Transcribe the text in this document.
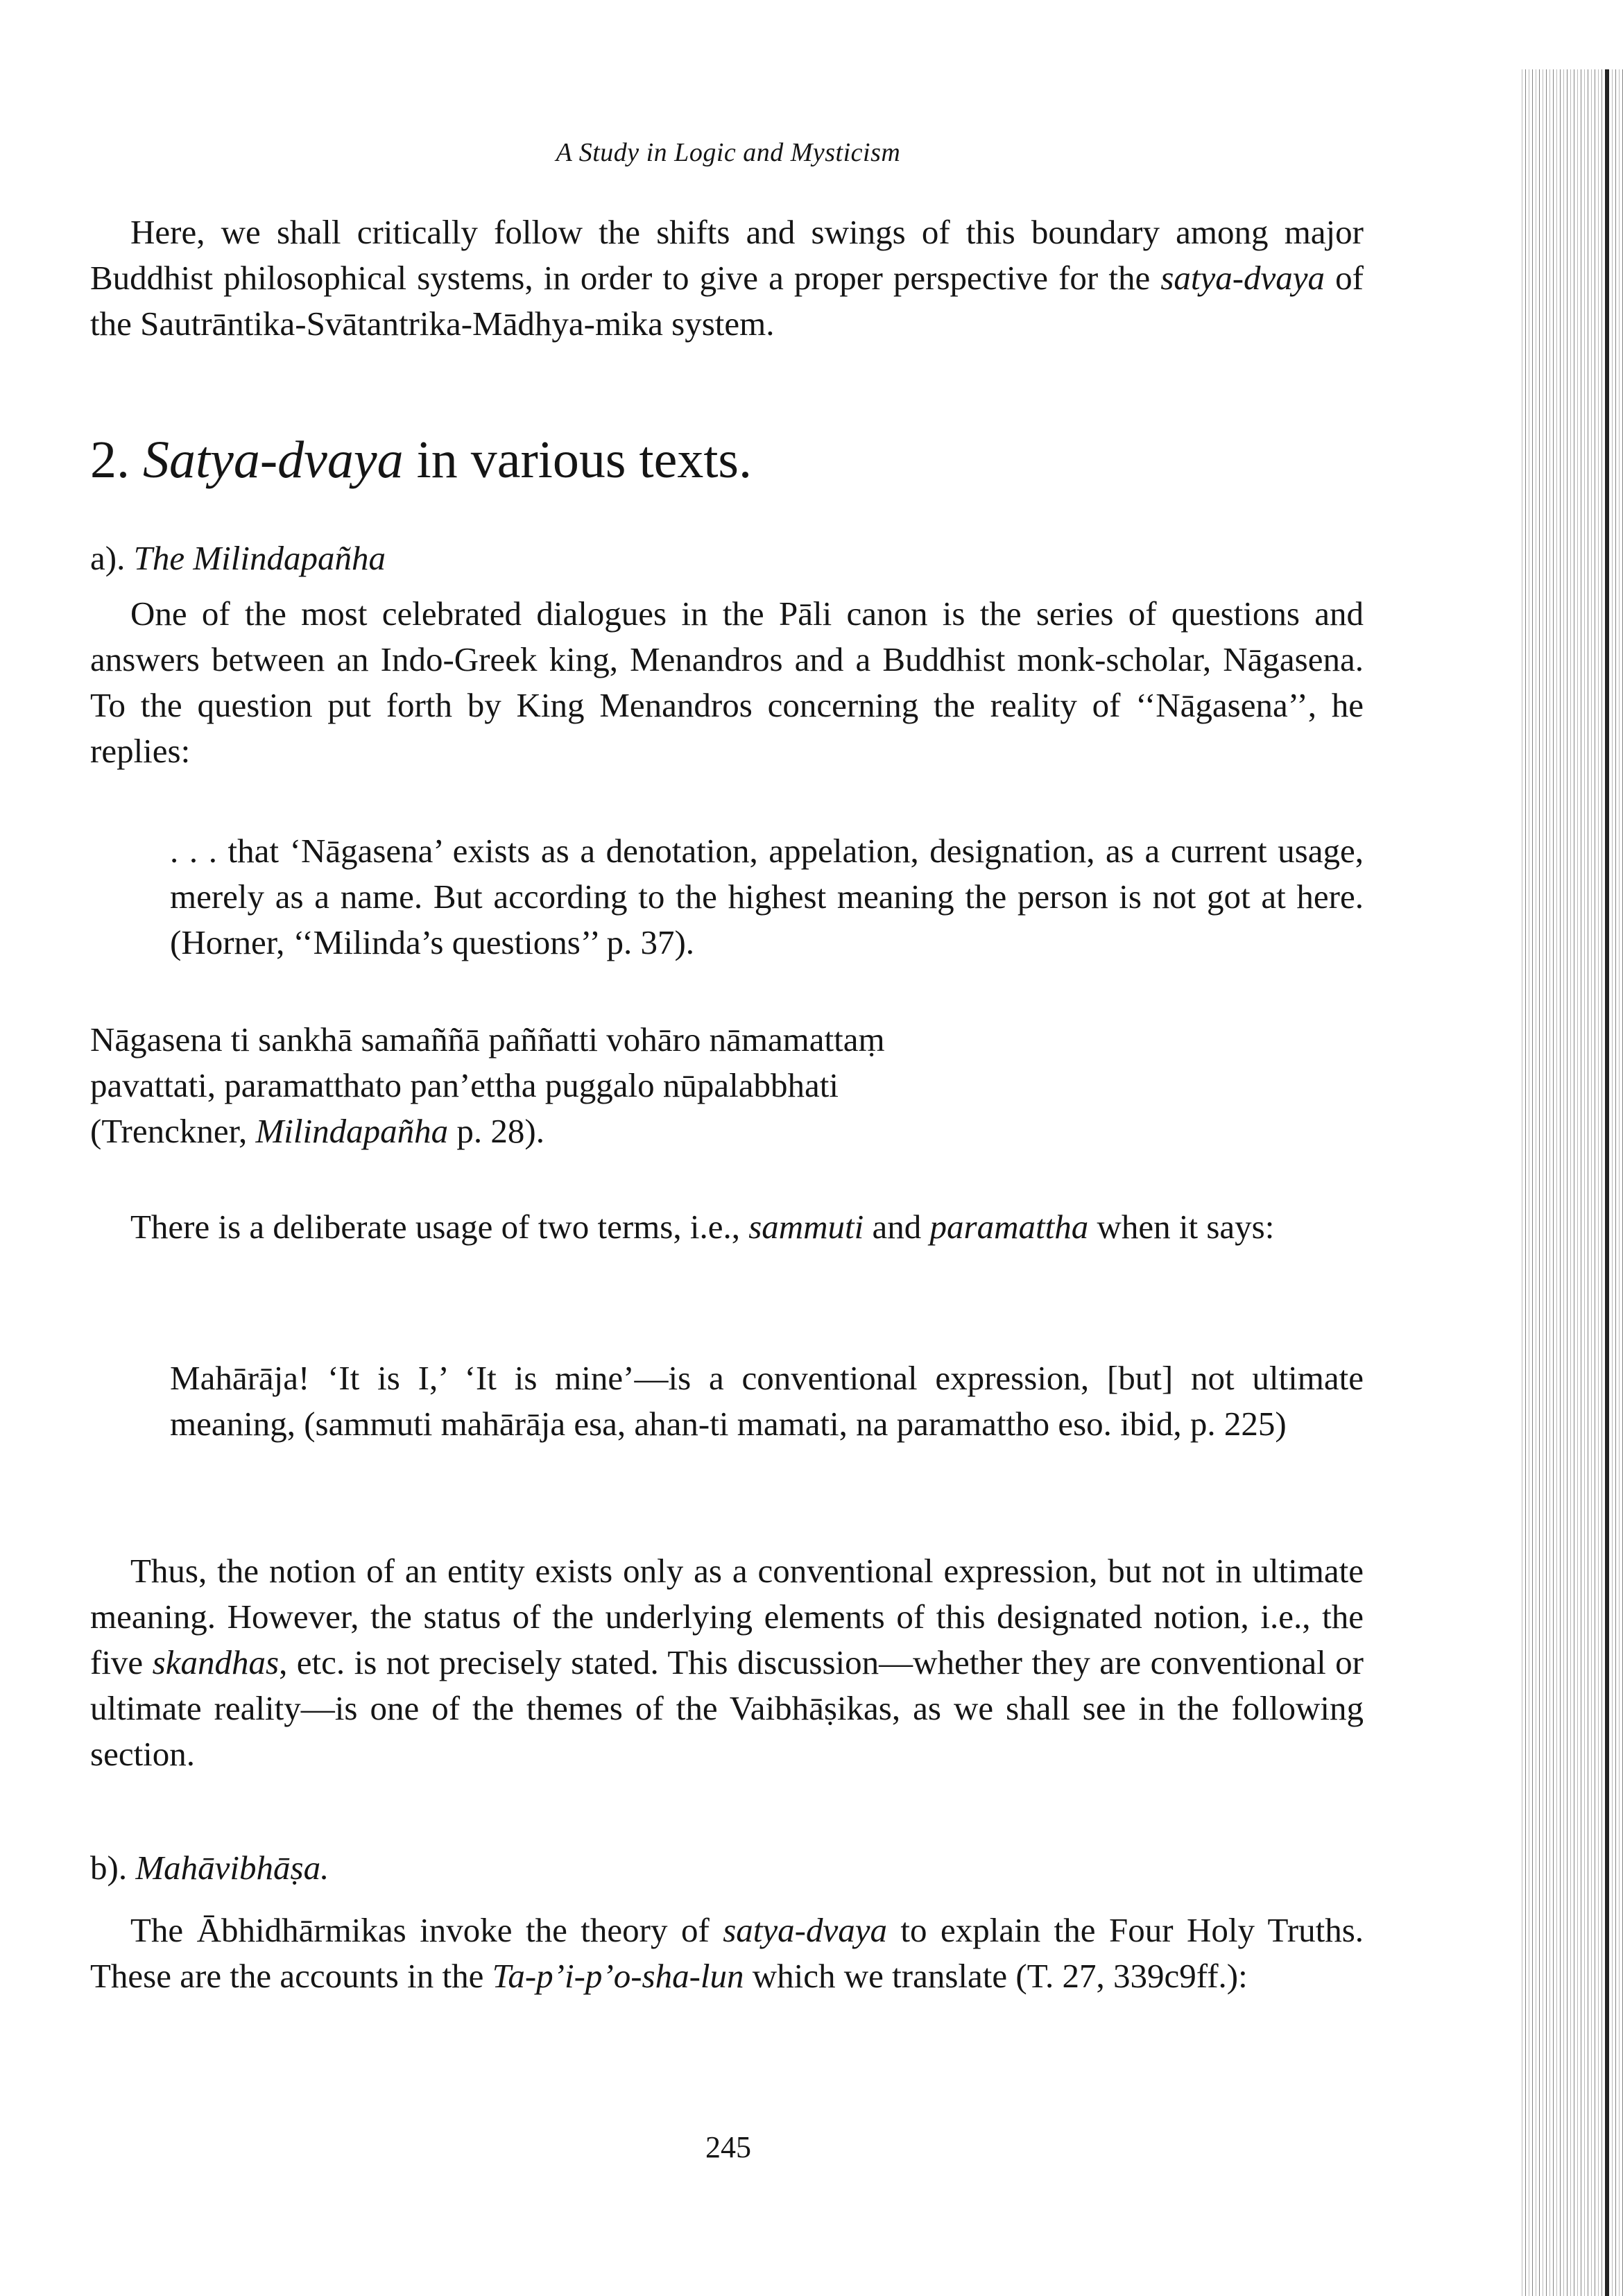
A Study in Logic and Mysticism

Here, we shall critically follow the shifts and swings of this boundary among major Buddhist philosophical systems, in order to give a proper perspective for the satya-dvaya of the Sautrāntika-Svātantrika-Mādhya-mika system.

2. Satya-dvaya in various texts.
a). The Milindapañha

One of the most celebrated dialogues in the Pāli canon is the series of questions and answers between an Indo-Greek king, Menandros and a Buddhist monk-scholar, Nāgasena. To the question put forth by King Menandros concerning the reality of ‘‘Nāgasena’’, he replies:

. . . that ‘Nāgasena’ exists as a denotation, appelation, designation, as a current usage, merely as a name. But according to the highest meaning the person is not got at here. (Horner, ‘‘Milinda’s questions’’ p. 37).

Nāgasena ti sankhā samaññā paññatti vohāro nāmamattaṃ
pavattati, paramatthato pan’ettha puggalo nūpalabbhati
(Trenckner, Milindapañha p. 28).

There is a deliberate usage of two terms, i.e., sammuti and paramattha when it says:

Mahārāja! ‘It is I,’ ‘It is mine’—is a conventional expression, [but] not ultimate meaning, (sammuti mahārāja esa, ahan-ti mamati, na paramattho eso. ibid, p. 225)

Thus, the notion of an entity exists only as a conventional expression, but not in ultimate meaning. However, the status of the underlying elements of this designated notion, i.e., the five skandhas, etc. is not precisely stated. This discussion—whether they are conventional or ultimate reality—is one of the themes of the Vaibhāṣikas, as we shall see in the following section.

b). Mahāvibhāṣa.

The Ābhidhārmikas invoke the theory of satya-dvaya to explain the Four Holy Truths. These are the accounts in the Ta-p’i-p’o-sha-lun which we translate (T. 27, 339c9ff.):

245
